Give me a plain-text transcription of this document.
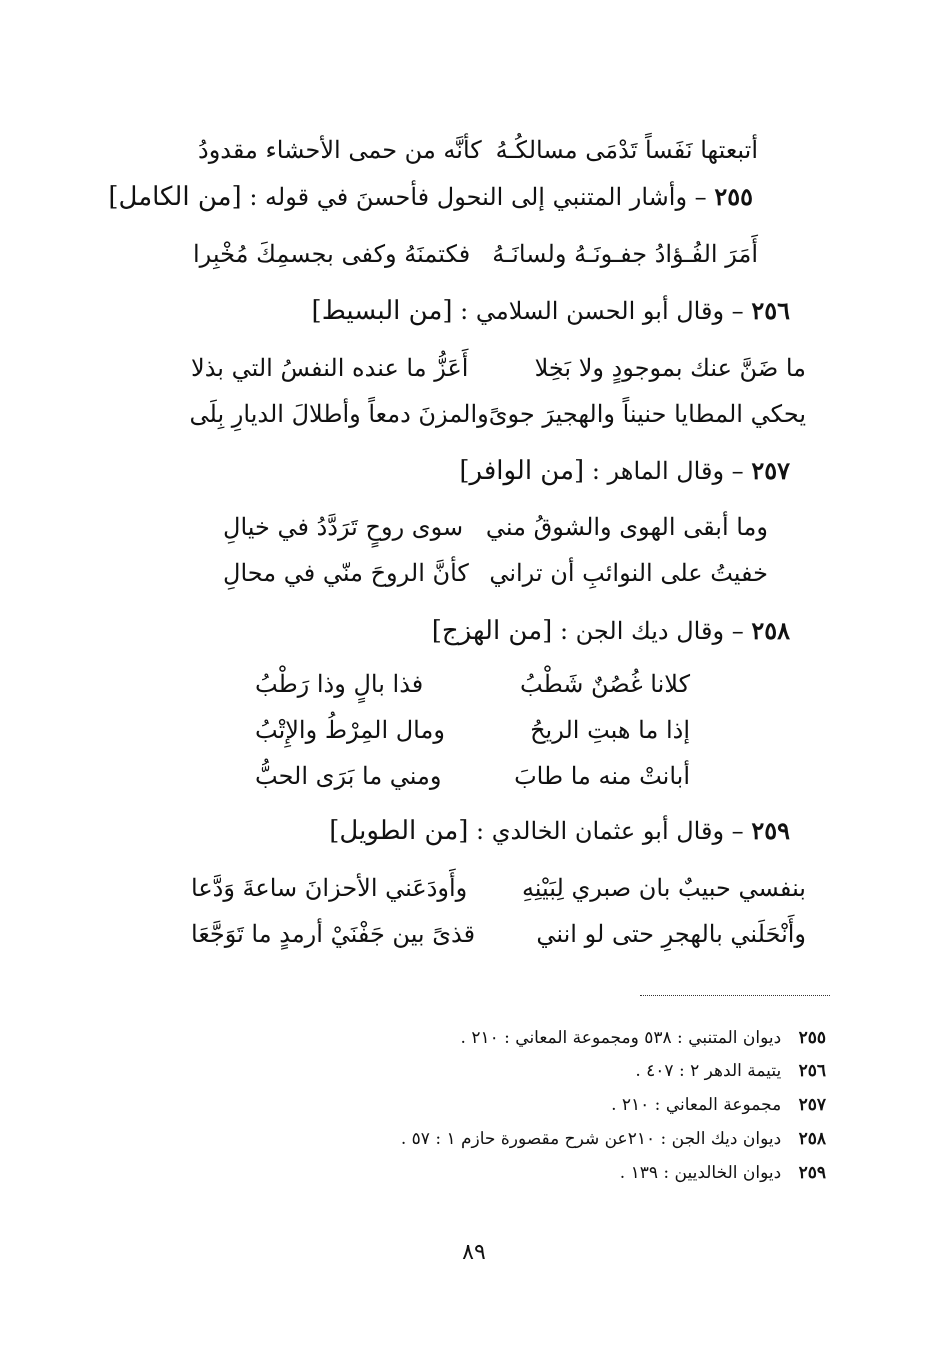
أتبعتها نَفَساً تَدْمَى مسالكُـهُ
كأنَّه من حمى الأحشاء مقدودُ
٢٥٥ – وأشار المتنبي إلى النحول فأحسنَ في قوله : [من الكامل]
أَمَرَ الفُـؤادُ جفـونَـهُ ولسانَـهُ
فكتمنَهُ وكفى بجسمِكَ مُخْبِرا
٢٥٦ – وقال أبو الحسن السلامي : [من البسيط]
ما ضَنَّ عنك بموجودٍ ولا بَخِلا
أَعَزُّ ما عنده النفسُ التي بذلا
يحكي المطايا حنيناً والهجيرَ جوىً
والمزنَ دمعاً وأطلالَ الديارِ بِلَى
٢٥٧ – وقال الماهر : [من الوافر]
وما أبقى الهوى والشوقُ مني
سوى روحٍ تَرَدَّدُ في خيالِ
خفيتُ على النوائبِ أن تراني
كأنَّ الروحَ منّي في محالِ
٢٥٨ – وقال ديك الجن : [من الهزج]
كلانا غُصُنٌ شَطْبُ
فذا بالٍ وذا رَطْبُ
إذا ما هبتِ الريحُ
ومال المِرْطُ والإِتْبُ
أبانتْ منه ما طابَ
ومني ما بَرَى الحبُّ
٢٥٩ – وقال أبو عثمان الخالدي : [من الطويل]
بنفسي حبيبٌ بان صبري لِبَيْنِهِ
وأَودَعَني الأحزانَ ساعةَ وَدَّعا
وأَنْحَلَني بالهجرِ حتى لو انني
قذىً بين جَفْنَيْ أرمدٍ ما تَوَجَّعَا
٢٥٥ ديوان المتنبي : ٥٣٨ ومجموعة المعاني : ٢١٠ .
٢٥٦ يتيمة الدهر ٢ : ٤٠٧ .
٢٥٧ مجموعة المعاني : ٢١٠ .
٢٥٨ ديوان ديك الجن : ٢١٠عن شرح مقصورة حازم ١ : ٥٧ .
٢٥٩ ديوان الخالديين : ١٣٩ .
٨٩
